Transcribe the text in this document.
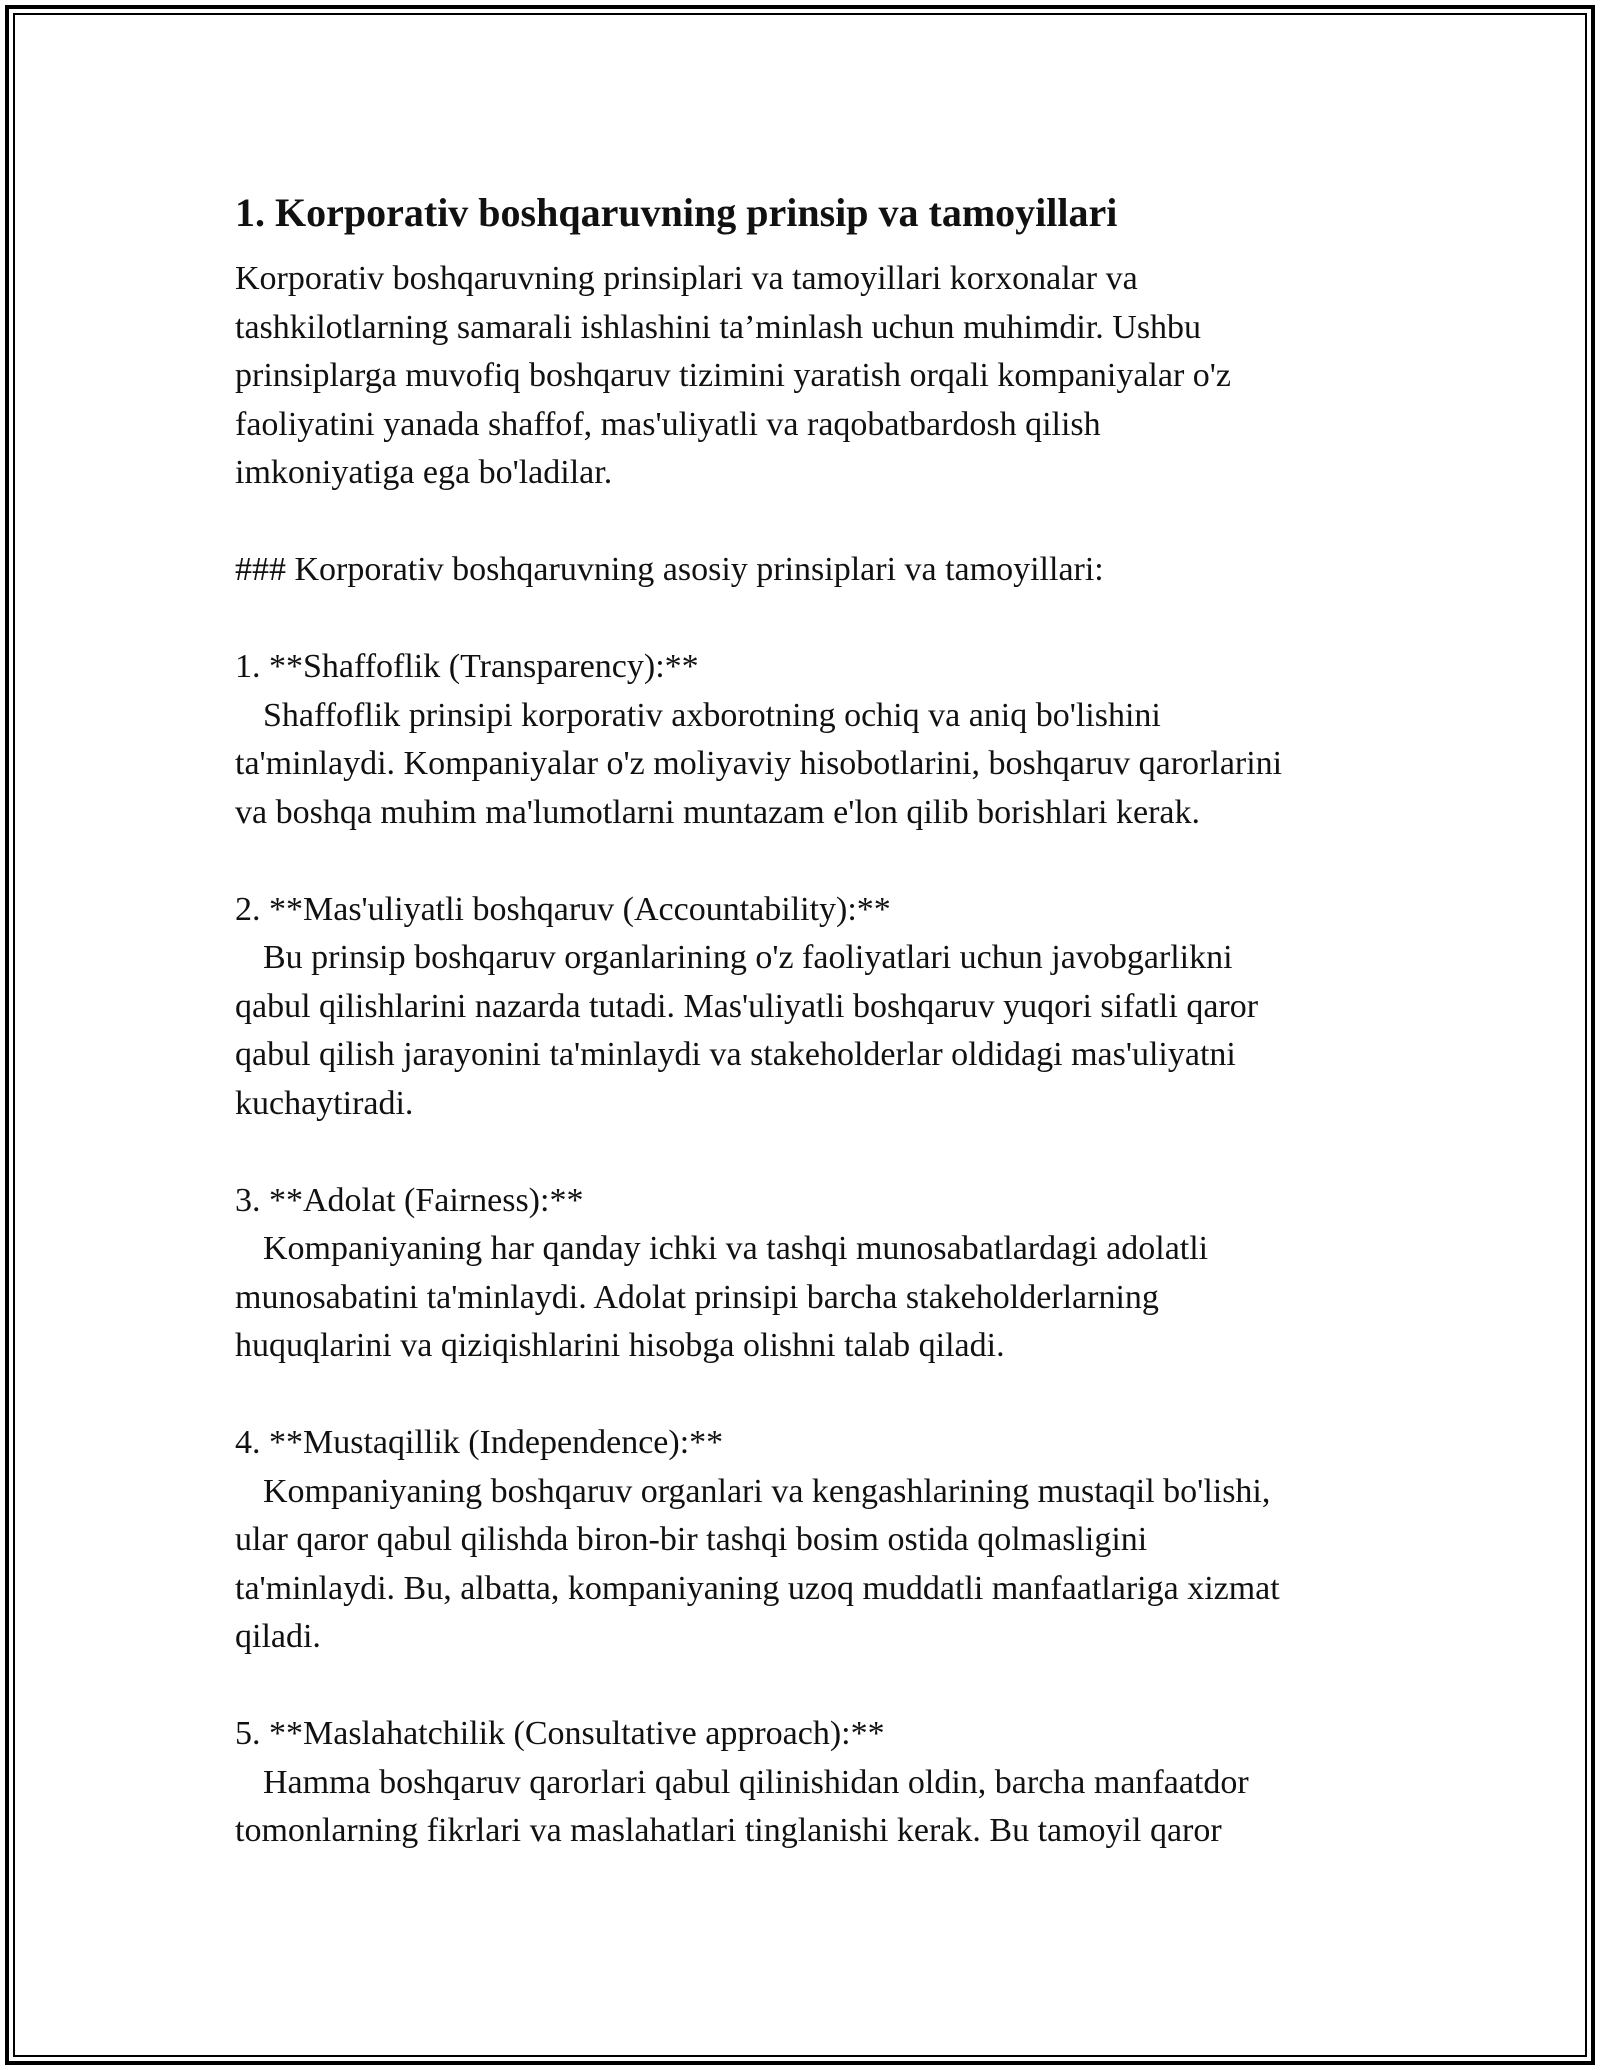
1. Korporativ boshqaruvning prinsip va tamoyillari

Korporativ boshqaruvning prinsiplari va tamoyillari korxonalar va

tashkilotlarning samarali ishlashini ta’minlash uchun muhimdir. Ushbu

prinsiplarga muvofiq boshqaruv tizimini yaratish orqali kompaniyalar o'z

faoliyatini yanada shaffof, mas'uliyatli va raqobatbardosh qilish

imkoniyatiga ega bo'ladilar.

### Korporativ boshqaruvning asosiy prinsiplari va tamoyillari:

1. **Shaffoflik (Transparency):**

Shaffoflik prinsipi korporativ axborotning ochiq va aniq bo'lishini

ta'minlaydi. Kompaniyalar o'z moliyaviy hisobotlarini, boshqaruv qarorlarini

va boshqa muhim ma'lumotlarni muntazam e'lon qilib borishlari kerak.

2. **Mas'uliyatli boshqaruv (Accountability):**

Bu prinsip boshqaruv organlarining o'z faoliyatlari uchun javobgarlikni

qabul qilishlarini nazarda tutadi. Mas'uliyatli boshqaruv yuqori sifatli qaror

qabul qilish jarayonini ta'minlaydi va stakeholderlar oldidagi mas'uliyatni

kuchaytiradi.

3. **Adolat (Fairness):**

Kompaniyaning har qanday ichki va tashqi munosabatlardagi adolatli

munosabatini ta'minlaydi. Adolat prinsipi barcha stakeholderlarning

huquqlarini va qiziqishlarini hisobga olishni talab qiladi.

4. **Mustaqillik (Independence):**

Kompaniyaning boshqaruv organlari va kengashlarining mustaqil bo'lishi,

ular qaror qabul qilishda biron-bir tashqi bosim ostida qolmasligini

ta'minlaydi. Bu, albatta, kompaniyaning uzoq muddatli manfaatlariga xizmat

qiladi.

5. **Maslahatchilik (Consultative approach):**

Hamma boshqaruv qarorlari qabul qilinishidan oldin, barcha manfaatdor

tomonlarning fikrlari va maslahatlari tinglanishi kerak. Bu tamoyil qaror
